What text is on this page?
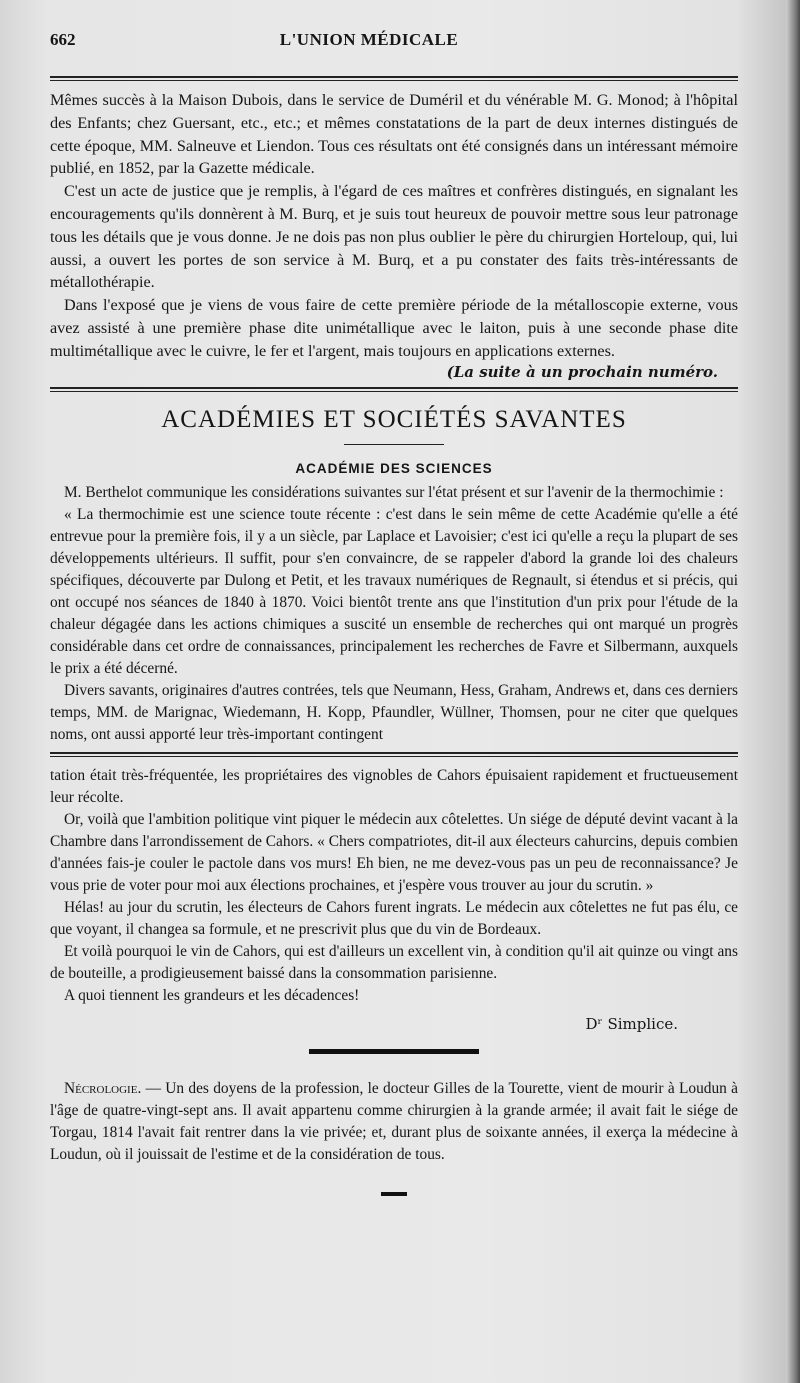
662	L'UNION MÉDICALE

Mêmes succès à la Maison Dubois, dans le service de Duméril et du vénérable M. G. Monod; à l'hôpital des Enfants; chez Guersant, etc., etc.; et mêmes constatations de la part de deux internes distingués de cette époque, MM. Salneuve et Liendon. Tous ces résultats ont été consignés dans un intéressant mémoire publié, en 1852, par la Gazette médicale.

C'est un acte de justice que je remplis, à l'égard de ces maîtres et confrères distingués, en signalant les encouragements qu'ils donnèrent à M. Burq, et je suis tout heureux de pouvoir mettre sous leur patronage tous les détails que je vous donne. Je ne dois pas non plus oublier le père du chirurgien Horteloup, qui, lui aussi, a ouvert les portes de son service à M. Burq, et a pu constater des faits très-intéressants de métallothérapie.

Dans l'exposé que je viens de vous faire de cette première période de la métalloscopie externe, vous avez assisté à une première phase dite unimétallique avec le laiton, puis à une seconde phase dite multimétallique avec le cuivre, le fer et l'argent, mais toujours en applications externes.

(La suite à un prochain numéro.

ACADÉMIES ET SOCIÉTÉS SAVANTES
ACADÉMIE DES SCIENCES

M. Berthelot communique les considérations suivantes sur l'état présent et sur l'avenir de la thermochimie :

« La thermochimie est une science toute récente : c'est dans le sein même de cette Académie qu'elle a été entrevue pour la première fois, il y a un siècle, par Laplace et Lavoisier; c'est ici qu'elle a reçu la plupart de ses développements ultérieurs. Il suffit, pour s'en convaincre, de se rappeler d'abord la grande loi des chaleurs spécifiques, découverte par Dulong et Petit, et les travaux numériques de Regnault, si étendus et si précis, qui ont occupé nos séances de 1840 à 1870. Voici bientôt trente ans que l'institution d'un prix pour l'étude de la chaleur dégagée dans les actions chimiques a suscité un ensemble de recherches qui ont marqué un progrès considérable dans cet ordre de connaissances, principalement les recherches de Favre et Silbermann, auxquels le prix a été décerné.

Divers savants, originaires d'autres contrées, tels que Neumann, Hess, Graham, Andrews et, dans ces derniers temps, MM. de Marignac, Wiedemann, H. Kopp, Pfaundler, Wüllner, Thomsen, pour ne citer que quelques noms, ont aussi apporté leur très-important contingent

tation était très-fréquentée, les propriétaires des vignobles de Cahors épuisaient rapidement et fructueusement leur récolte.

Or, voilà que l'ambition politique vint piquer le médecin aux côtelettes. Un siége de député devint vacant à la Chambre dans l'arrondissement de Cahors. « Chers compatriotes, dit-il aux électeurs cahurcins, depuis combien d'années fais-je couler le pactole dans vos murs! Eh bien, ne me devez-vous pas un peu de reconnaissance? Je vous prie de voter pour moi aux élections prochaines, et j'espère vous trouver au jour du scrutin. »

Hélas! au jour du scrutin, les électeurs de Cahors furent ingrats. Le médecin aux côtelettes ne fut pas élu, ce que voyant, il changea sa formule, et ne prescrivit plus que du vin de Bordeaux.

Et voilà pourquoi le vin de Cahors, qui est d'ailleurs un excellent vin, à condition qu'il ait quinze ou vingt ans de bouteille, a prodigieusement baissé dans la consommation parisienne.

A quoi tiennent les grandeurs et les décadences!

Dʳ Simplice.

Nécrologie. — Un des doyens de la profession, le docteur Gilles de la Tourette, vient de mourir à Loudun à l'âge de quatre-vingt-sept ans. Il avait appartenu comme chirurgien à la grande armée; il avait fait le siége de Torgau, 1814 l'avait fait rentrer dans la vie privée; et, durant plus de soixante années, il exerça la médecine à Loudun, où il jouissait de l'estime et de la considération de tous.
